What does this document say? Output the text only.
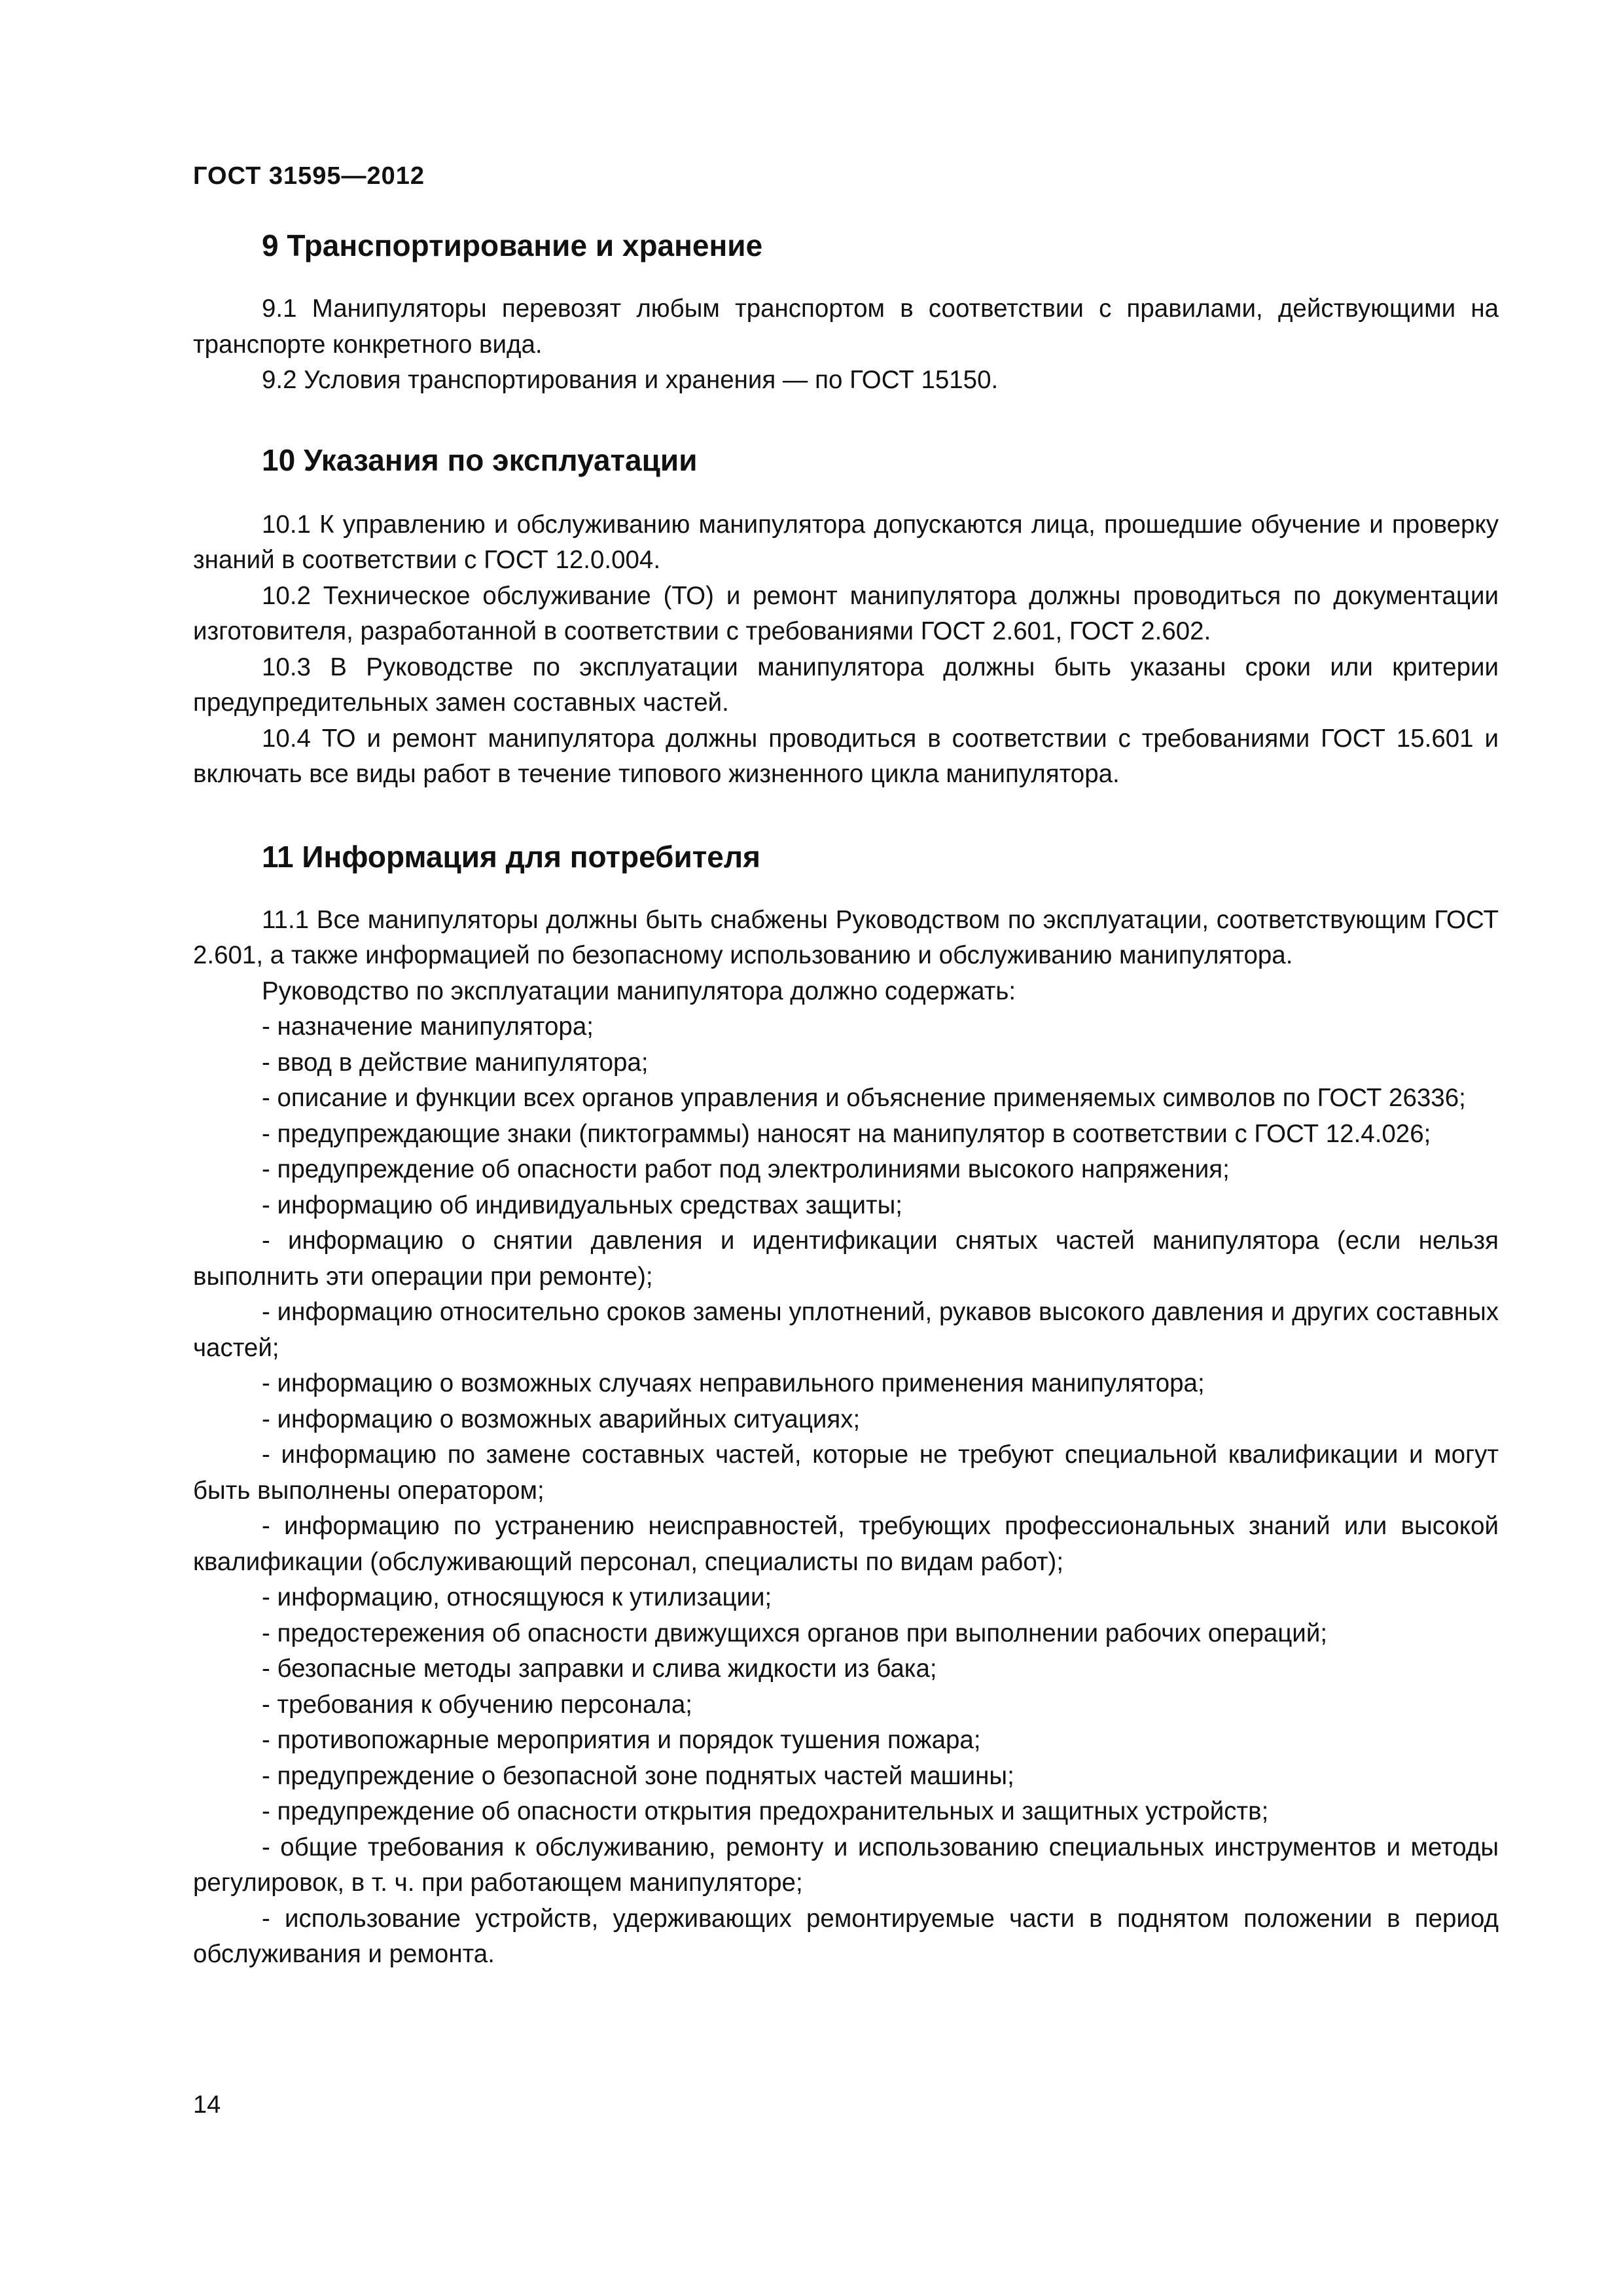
ГОСТ 31595—2012
9 Транспортирование и хранение

9.1 Манипуляторы перевозят любым транспортом в соответствии с правилами, действующими на транспорте конкретного вида.

9.2 Условия транспортирования и хранения — по ГОСТ 15150.

10 Указания по эксплуатации

10.1 К управлению и обслуживанию манипулятора допускаются лица, прошедшие обучение и проверку знаний в соответствии с ГОСТ 12.0.004.

10.2 Техническое обслуживание (ТО) и ремонт манипулятора должны проводиться по документации изготовителя, разработанной в соответствии с требованиями ГОСТ 2.601, ГОСТ 2.602.

10.3 В Руководстве по эксплуатации манипулятора должны быть указаны сроки или критерии предупредительных замен составных частей.

10.4 ТО и ремонт манипулятора должны проводиться в соответствии с требованиями ГОСТ 15.601 и включать все виды работ в течение типового жизненного цикла манипулятора.

11 Информация для потребителя

11.1 Все манипуляторы должны быть снабжены Руководством по эксплуатации, соответствующим ГОСТ 2.601, а также информацией по безопасному использованию и обслуживанию манипулятора.

Руководство по эксплуатации манипулятора должно содержать:

- назначение манипулятора;

- ввод в действие манипулятора;

- описание и функции всех органов управления и объяснение применяемых символов по ГОСТ 26336;

- предупреждающие знаки (пиктограммы) наносят на манипулятор в соответствии с ГОСТ 12.4.026;

- предупреждение об опасности работ под электролиниями высокого напряжения;

- информацию об индивидуальных средствах защиты;

- информацию о снятии давления и идентификации снятых частей манипулятора (если нельзя выполнить эти операции при ремонте);

- информацию относительно сроков замены уплотнений, рукавов высокого давления и других составных частей;

- информацию о возможных случаях неправильного применения манипулятора;

- информацию о возможных аварийных ситуациях;

- информацию по замене составных частей, которые не требуют специальной квалификации и могут быть выполнены оператором;

- информацию по устранению неисправностей, требующих профессиональных знаний или высокой квалификации (обслуживающий персонал, специалисты по видам работ);

- информацию, относящуюся к утилизации;

- предостережения об опасности движущихся органов при выполнении рабочих операций;

- безопасные методы заправки и слива жидкости из бака;

- требования к обучению персонала;

- противопожарные мероприятия и порядок тушения пожара;

- предупреждение о безопасной зоне поднятых частей машины;

- предупреждение об опасности открытия предохранительных и защитных устройств;

- общие требования к обслуживанию, ремонту и использованию специальных инструментов и методы регулировок, в т. ч. при работающем манипуляторе;

- использование устройств, удерживающих ремонтируемые части в поднятом положении в период обслуживания и ремонта.

14
